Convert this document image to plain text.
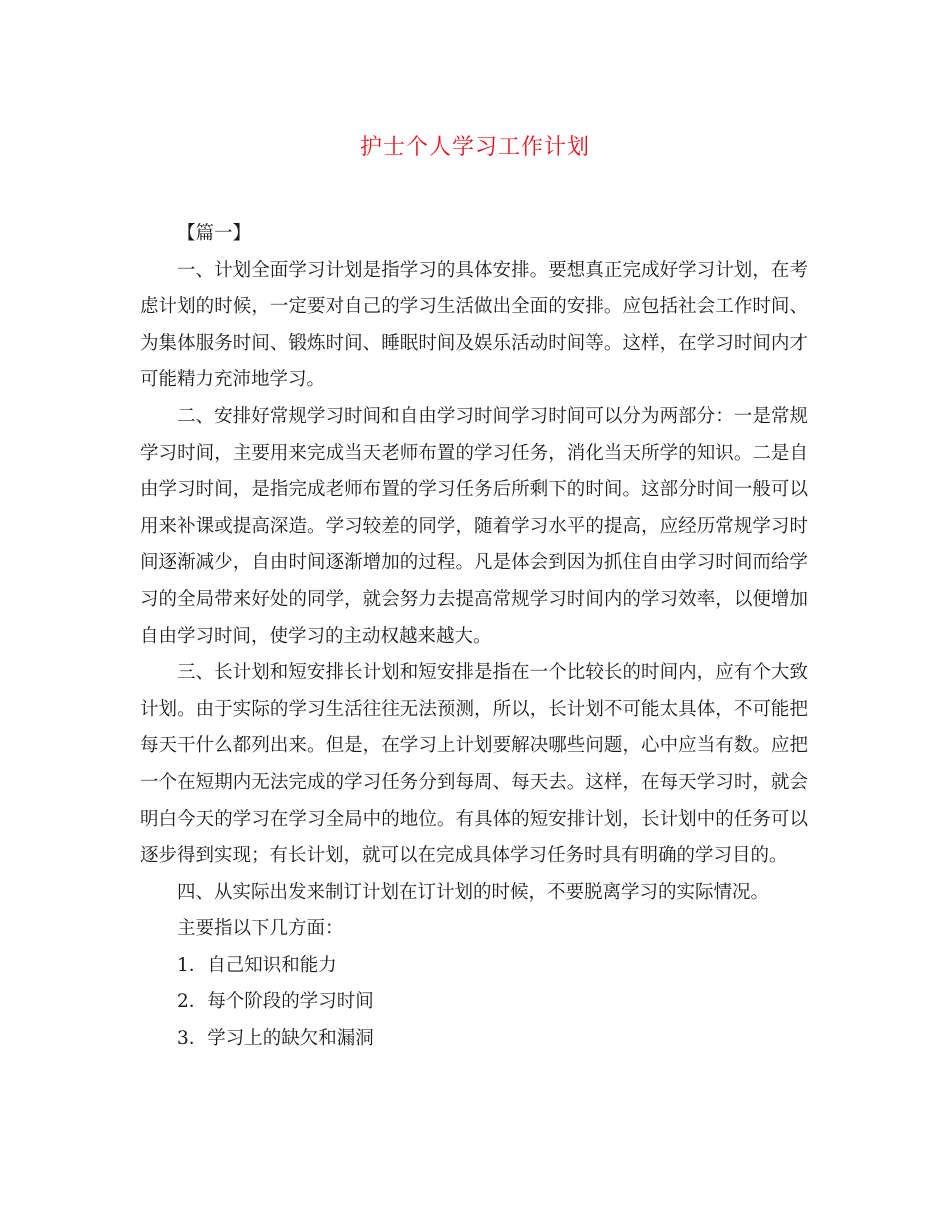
护士个人学习工作计划

【篇一】

一、计划全面学习计划是指学习的具体安排。要想真正完成好学习计划，在考虑计划的时候，一定要对自己的学习生活做出全面的安排。应包括社会工作时间、为集体服务时间、锻炼时间、睡眠时间及娱乐活动时间等。这样，在学习时间内才可能精力充沛地学习。

二、安排好常规学习时间和自由学习时间学习时间可以分为两部分：一是常规学习时间，主要用来完成当天老师布置的学习任务，消化当天所学的知识。二是自由学习时间，是指完成老师布置的学习任务后所剩下的时间。这部分时间一般可以用来补课或提高深造。学习较差的同学，随着学习水平的提高，应经历常规学习时间逐渐减少，自由时间逐渐增加的过程。凡是体会到因为抓住自由学习时间而给学习的全局带来好处的同学，就会努力去提高常规学习时间内的学习效率，以便增加自由学习时间，使学习的主动权越来越大。

三、长计划和短安排长计划和短安排是指在一个比较长的时间内，应有个大致计划。由于实际的学习生活往往无法预测，所以，长计划不可能太具体，不可能把每天干什么都列出来。但是，在学习上计划要解决哪些问题，心中应当有数。应把一个在短期内无法完成的学习任务分到每周、每天去。这样，在每天学习时，就会明白今天的学习在学习全局中的地位。有具体的短安排计划，长计划中的任务可以逐步得到实现；有长计划，就可以在完成具体学习任务时具有明确的学习目的。

四、从实际出发来制订计划在订计划的时候，不要脱离学习的实际情况。

主要指以下几方面：

1．自己知识和能力

2．每个阶段的学习时间

3．学习上的缺欠和漏洞
